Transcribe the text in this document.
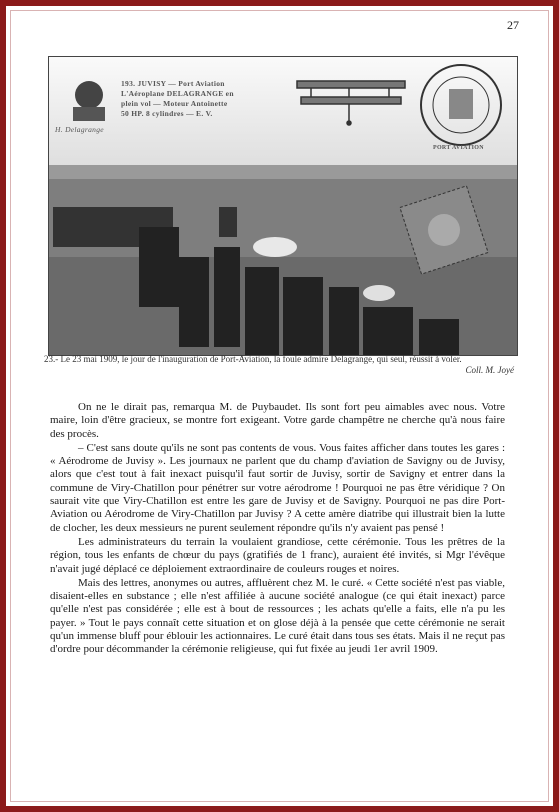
27
193. JUVISY — Port Aviation
L'Aéroplane DELAGRANGE en
plein vol — Moteur Antoinette
50 HP. 8 cylindres — E. V.
H. Delagrange
PORT AVIATION
23.- Le 23 mai 1909, le jour de l'inauguration de Port-Aviation, la foule admire Delagrange, qui seul, réussit à voler.
Coll. M. Joyé

On ne le dirait pas, remarqua M. de Puybaudet. Ils sont fort peu aimables avec nous. Votre maire, loin d'être gracieux, se montre fort exigeant. Votre garde champêtre ne cherche qu'à nous faire des procès.

– C'est sans doute qu'ils ne sont pas contents de vous. Vous faites afficher dans toutes les gares : « Aérodrome de Juvisy ». Les journaux ne parlent que du champ d'aviation de Savigny ou de Juvisy, alors que c'est tout à fait inexact puisqu'il faut sortir de Juvisy, sortir de Savigny et entrer dans la commune de Viry-Chatillon pour pénétrer sur votre aérodrome ! Pourquoi ne pas être véridique ? On saurait vite que Viry-Chatillon est entre les gare de Juvisy et de Savigny. Pourquoi ne pas dire Port-Aviation ou Aérodrome de Viry-Chatillon par Juvisy ? A cette amère diatribe qui illustrait bien la lutte de clocher, les deux messieurs ne purent seulement répondre qu'ils n'y avaient pas pensé !

Les administrateurs du terrain la voulaient grandiose, cette cérémonie. Tous les prêtres de la région, tous les enfants de chœur du pays (gratifiés de 1 franc), auraient été invités, si Mgr l'évêque n'avait jugé déplacé ce déploiement extraordinaire de couleurs rouges et noires.

Mais des lettres, anonymes ou autres, affluèrent chez M. le curé. « Cette société n'est pas viable, disaient-elles en substance ; elle n'est affiliée à aucune société analogue (ce qui était inexact) parce qu'elle n'est pas considérée ; elle est à bout de ressources ; les achats qu'elle a faits, elle n'a pu les payer. » Tout le pays connaît cette situation et on glose déjà à la pensée que cette cérémonie ne serait qu'un immense bluff pour éblouir les actionnaires. Le curé était dans tous ses états. Mais il ne reçut pas d'ordre pour décommander la cérémonie religieuse, qui fut fixée au jeudi 1er avril 1909.
